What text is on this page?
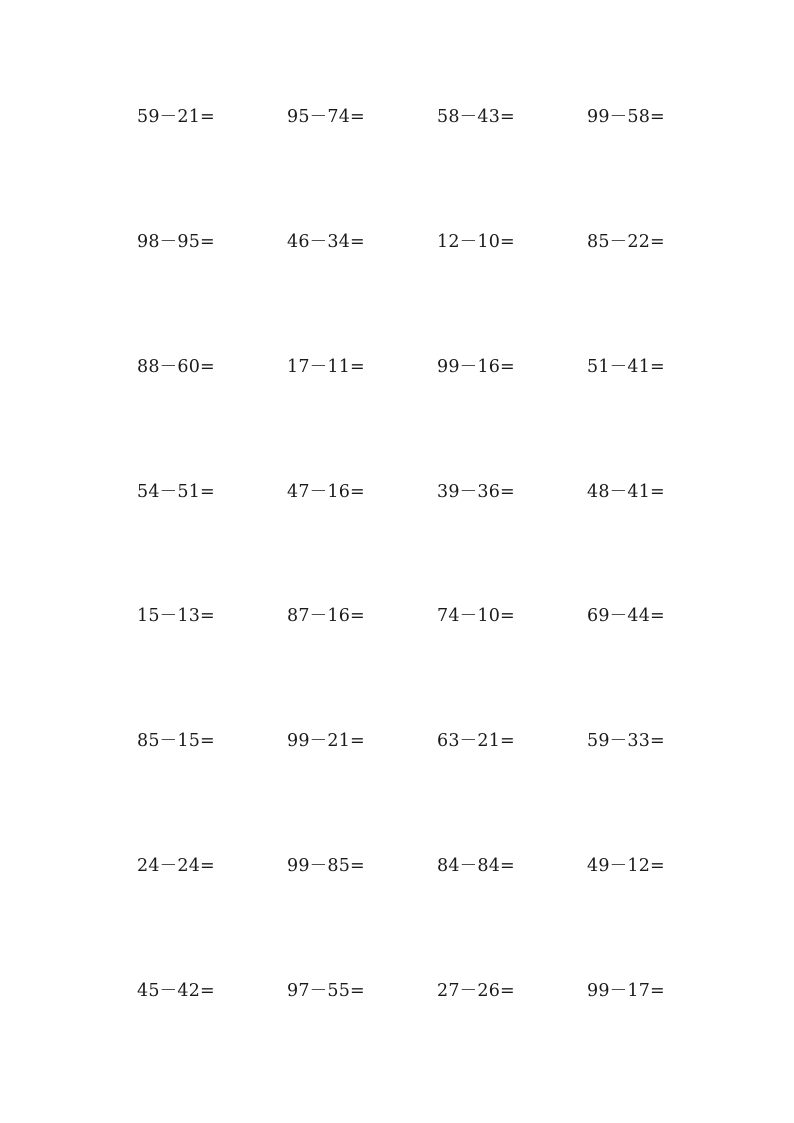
59－21=	95－74=	58－43=	99－58=
98－95=	46－34=	12－10=	85－22=
88－60=	17－11=	99－16=	51－41=
54－51=	47－16=	39－36=	48－41=
15－13=	87－16=	74－10=	69－44=
85－15=	99－21=	63－21=	59－33=
24－24=	99－85=	84－84=	49－12=
45－42=	97－55=	27－26=	99－17=
